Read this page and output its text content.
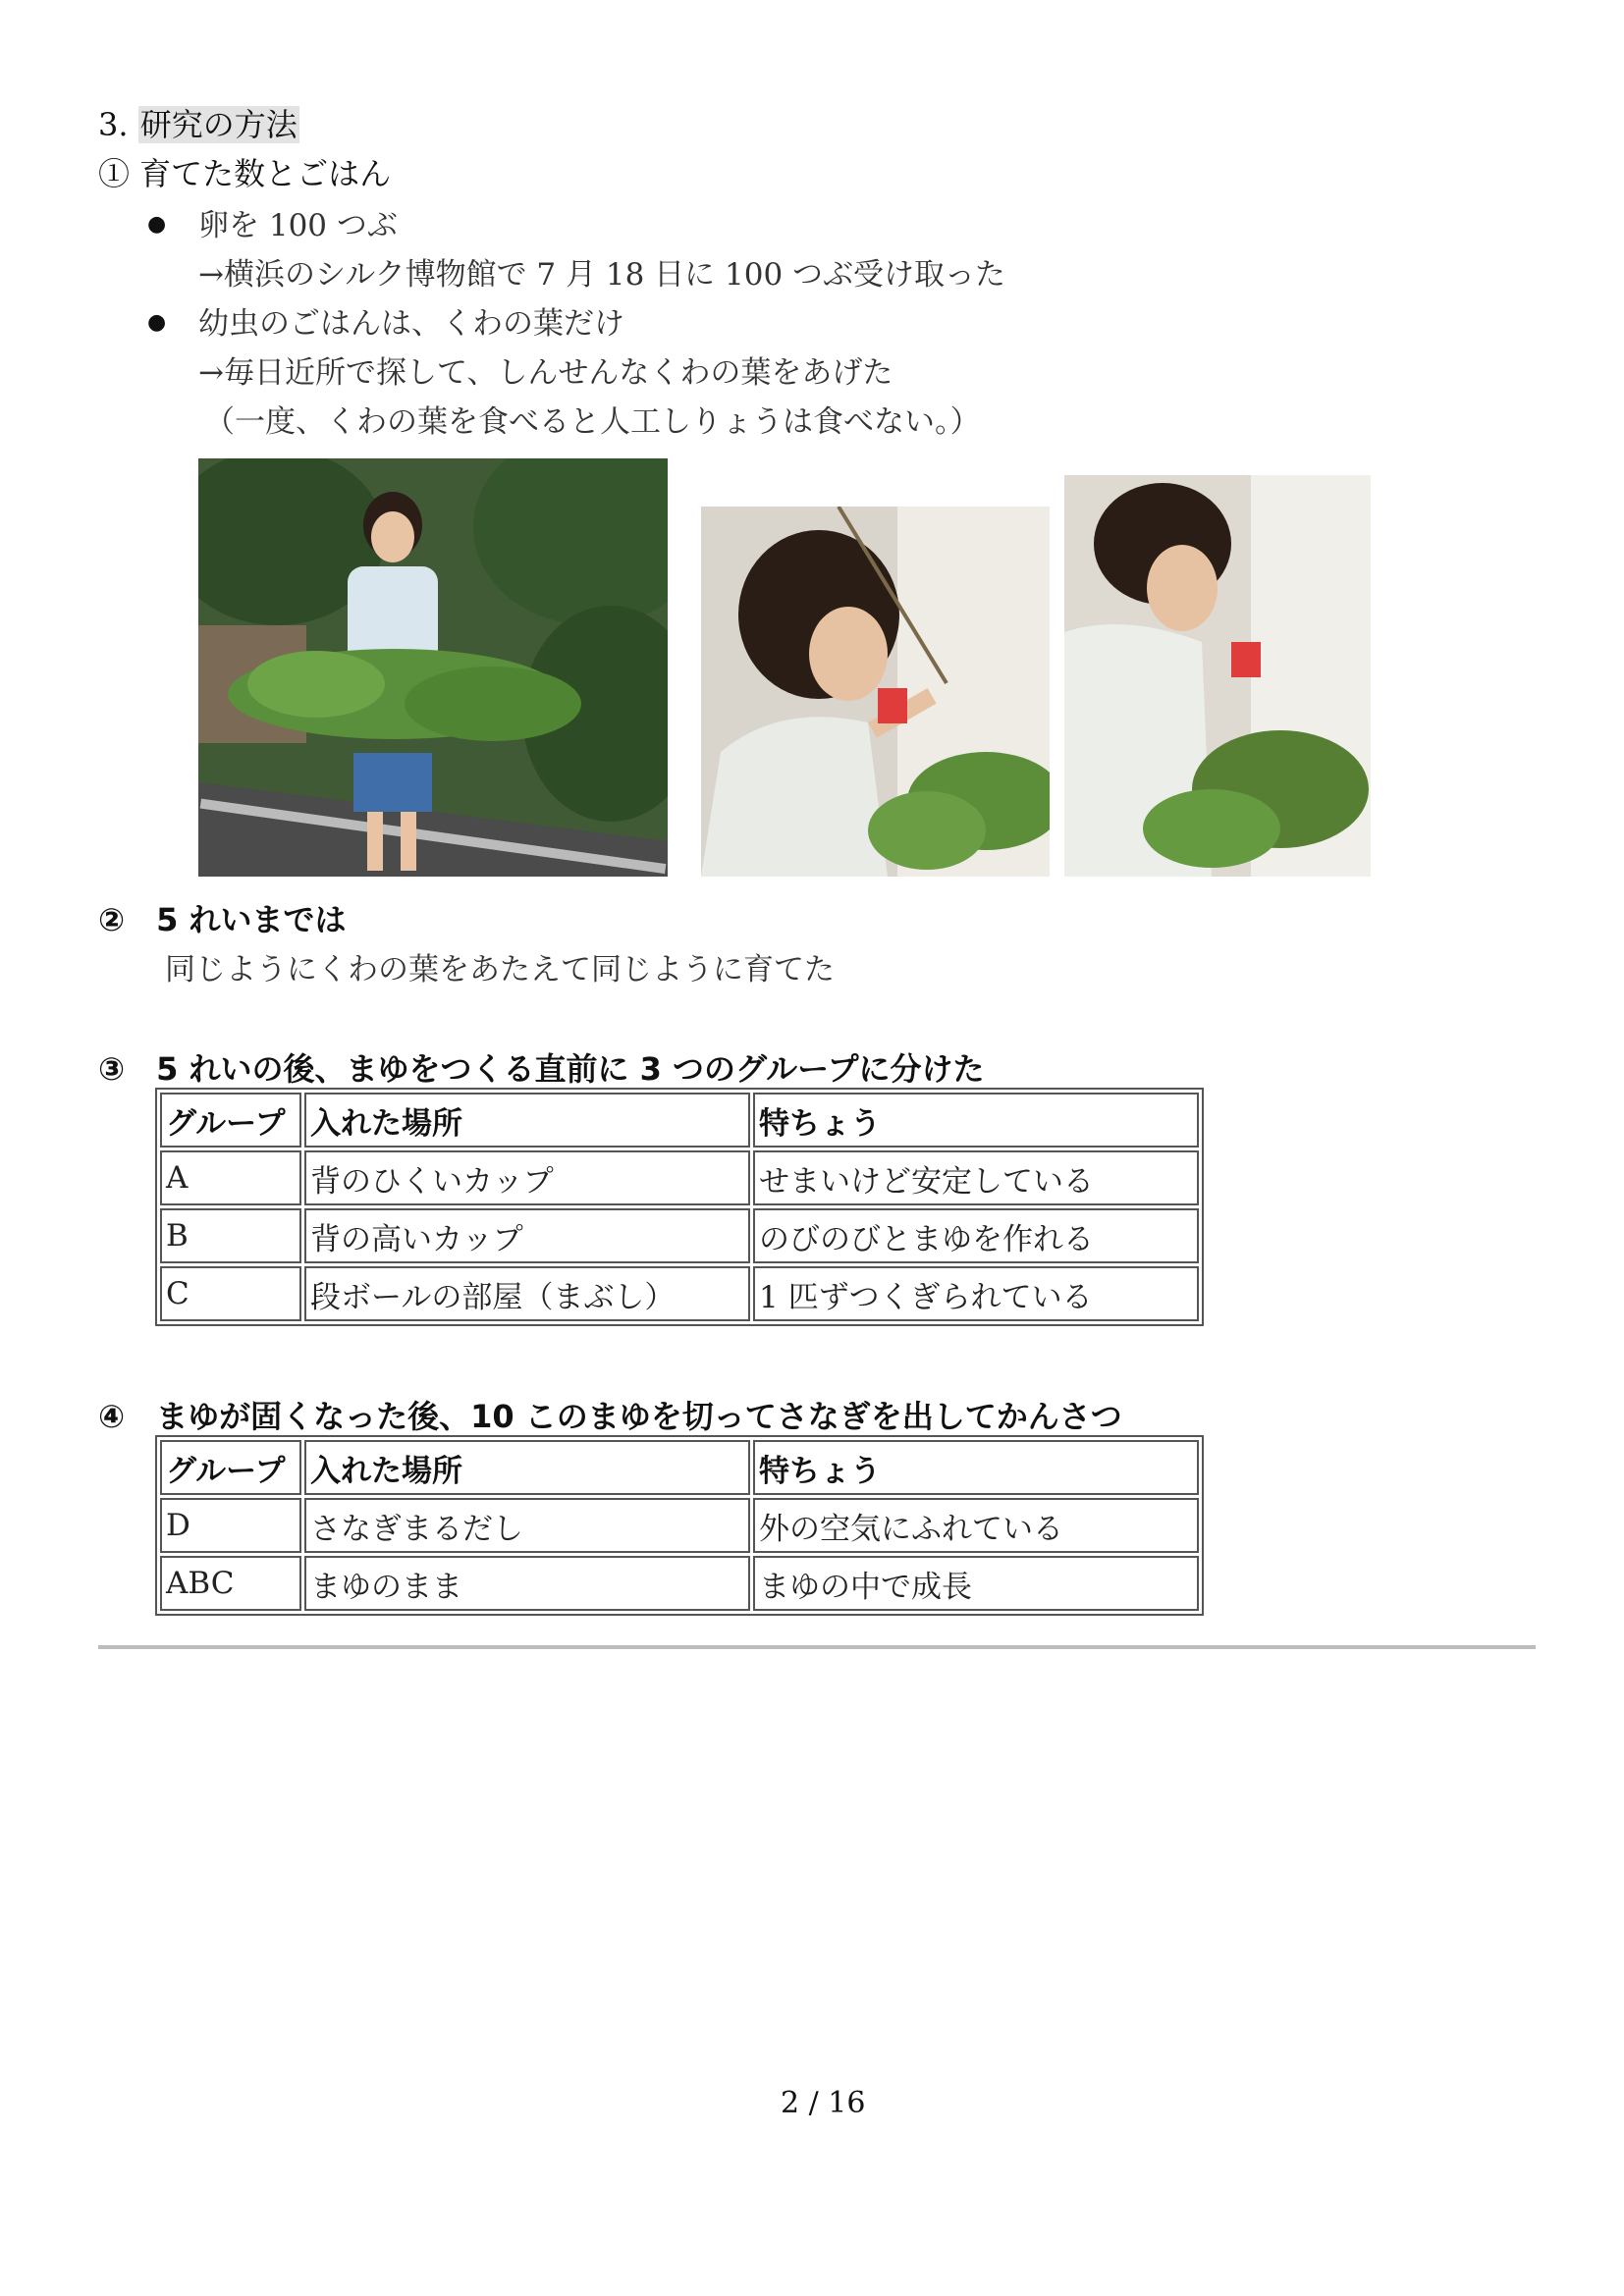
3. 研究の方法
① 育てた数とごはん
● 卵を 100 つぶ
→横浜のシルク博物館で 7 月 18 日に 100 つぶ受け取った
● 幼虫のごはんは、くわの葉だけ
→毎日近所で探して、しんせんなくわの葉をあげた
（一度、くわの葉を食べると人工しりょうは食べない。）
②　5 れいまでは
同じようにくわの葉をあたえて同じように育てた
③　5 れいの後、まゆをつくる直前に 3 つのグループに分けた
グループ	入れた場所	特ちょう
A	背のひくいカップ	せまいけど安定している
B	背の高いカップ	のびのびとまゆを作れる
C	段ボールの部屋（まぶし）	1 匹ずつくぎられている
④　まゆが固くなった後、10 このまゆを切ってさなぎを出してかんさつ
グループ	入れた場所	特ちょう
D	さなぎまるだし	外の空気にふれている
ABC	まゆのまま	まゆの中で成長
2 / 16
